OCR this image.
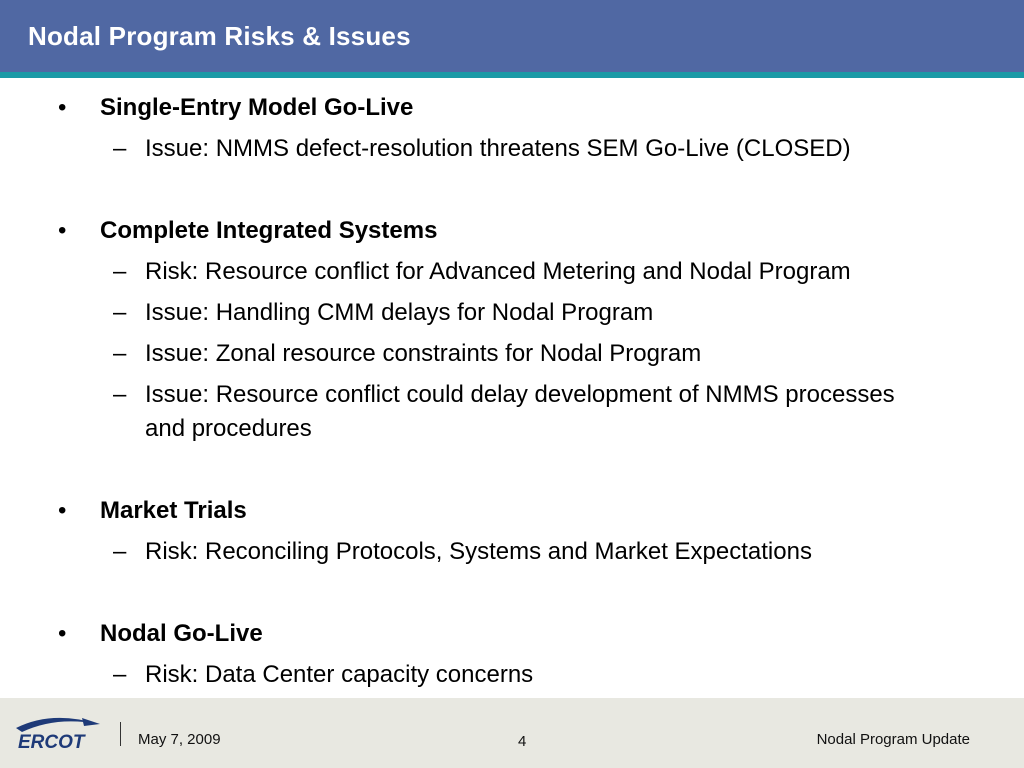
Nodal Program Risks & Issues
• Single-Entry Model Go-Live
– Issue: NMMS defect-resolution threatens SEM Go-Live (CLOSED)
• Complete Integrated Systems
– Risk: Resource conflict for Advanced Metering and Nodal Program
– Issue: Handling CMM delays for Nodal Program
– Issue: Zonal resource constraints for Nodal Program
– Issue: Resource conflict could delay development of NMMS processes and procedures
• Market Trials
– Risk: Reconciling Protocols, Systems and Market Expectations
• Nodal Go-Live
– Risk: Data Center capacity concerns
ERCOT	May 7, 2009	4	Nodal Program Update
